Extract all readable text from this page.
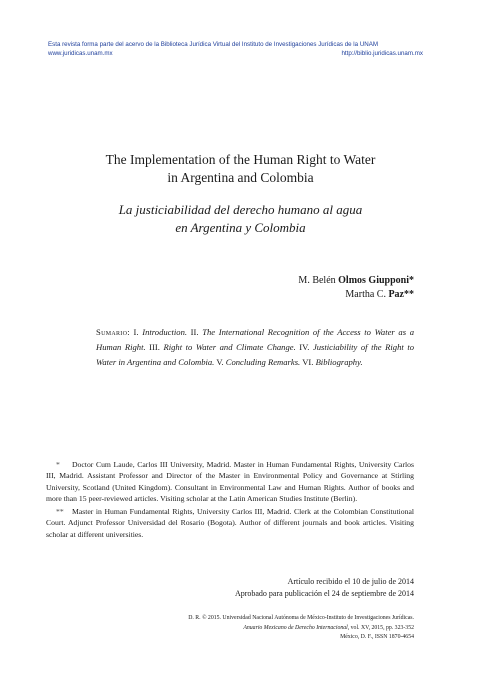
Esta revista forma parte del acervo de la Biblioteca Jurídica Virtual del Instituto de Investigaciones Jurídicas de la UNAM
www.juridicas.unam.mx	http://biblio.juridicas.unam.mx
The Implementation of the Human Right to Water
in Argentina and Colombia
La justiciabilidad del derecho humano al agua
en Argentina y Colombia
M. Belén Olmos Giupponi*
Martha C. Paz**
Sumario: I. Introduction. II. The International Recognition of the Access to Water as a Human Right. III. Right to Water and Climate Change. IV. Justiciability of the Right to Water in Argentina and Colombia. V. Concluding Remarks. VI. Bibliography.

* Doctor Cum Laude, Carlos III University, Madrid. Master in Human Fundamental Rights, University Carlos III, Madrid. Assistant Professor and Director of the Master in Environmental Policy and Governance at Stirling University, Scotland (United Kingdom). Consultant in Environmental Law and Human Rights. Author of books and more than 15 peer-reviewed articles. Visiting scholar at the Latin American Studies Institute (Berlin).

** Master in Human Fundamental Rights, University Carlos III, Madrid. Clerk at the Colombian Constitutional Court. Adjunct Professor Universidad del Rosario (Bogota). Author of different journals and book articles. Visiting scholar at different universities.

Artículo recibido el 10 de julio de 2014
Aprobado para publicación el 24 de septiembre de 2014
D. R. © 2015. Universidad Nacional Autónoma de México-Instituto de Investigaciones Jurídicas.
Anuario Mexicano de Derecho Internacional, vol. XV, 2015, pp. 323-352
México, D. F., ISSN 1870-4654
